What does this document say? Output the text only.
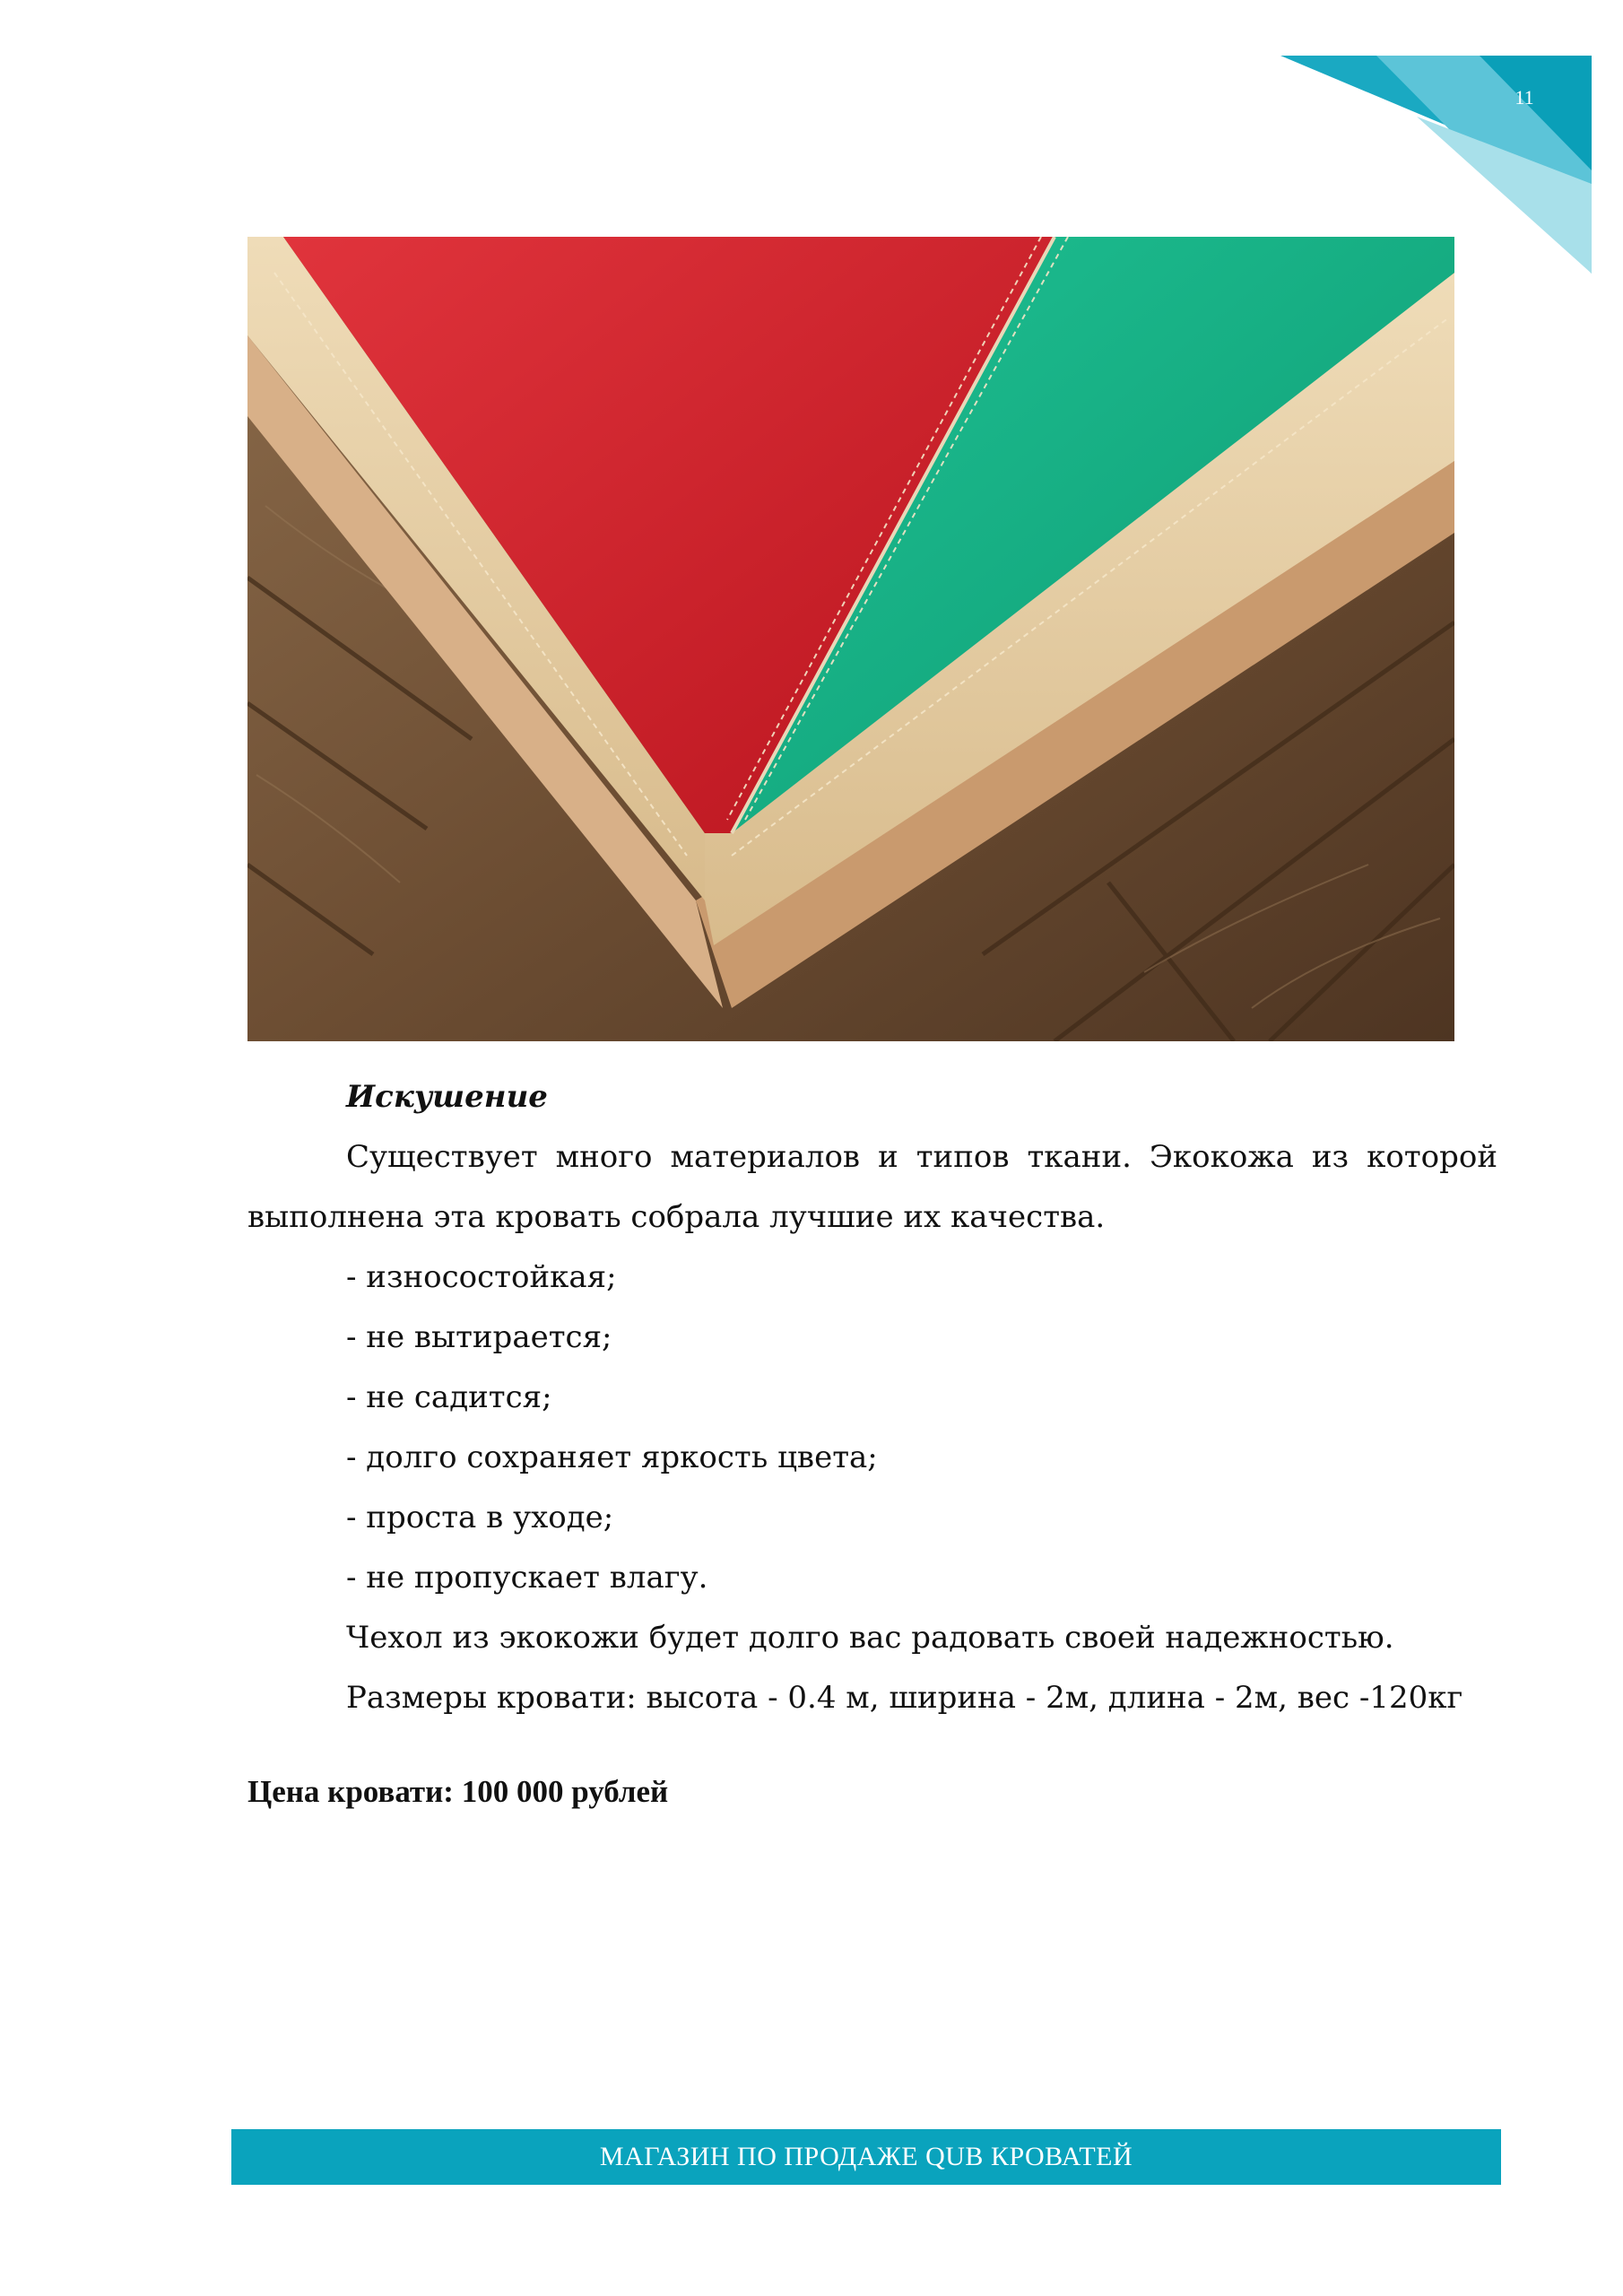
11

Искушение

Существует много материалов и типов ткани. Экокожа из которой

выполнена эта кровать собрала лучшие их качества.

- износостойкая;

- не вытирается;

- не садится;

- долго сохраняет яркость цвета;

- проста в уходе;

- не пропускает влагу.

Чехол из экокожи будет долго вас радовать своей надежностью.

Размеры кровати: высота - 0.4 м, ширина - 2м, длина - 2м, вес -120кг

Цена кровати: 100 000 рублей
МАГАЗИН ПО ПРОДАЖЕ QUB КРОВАТЕЙ
